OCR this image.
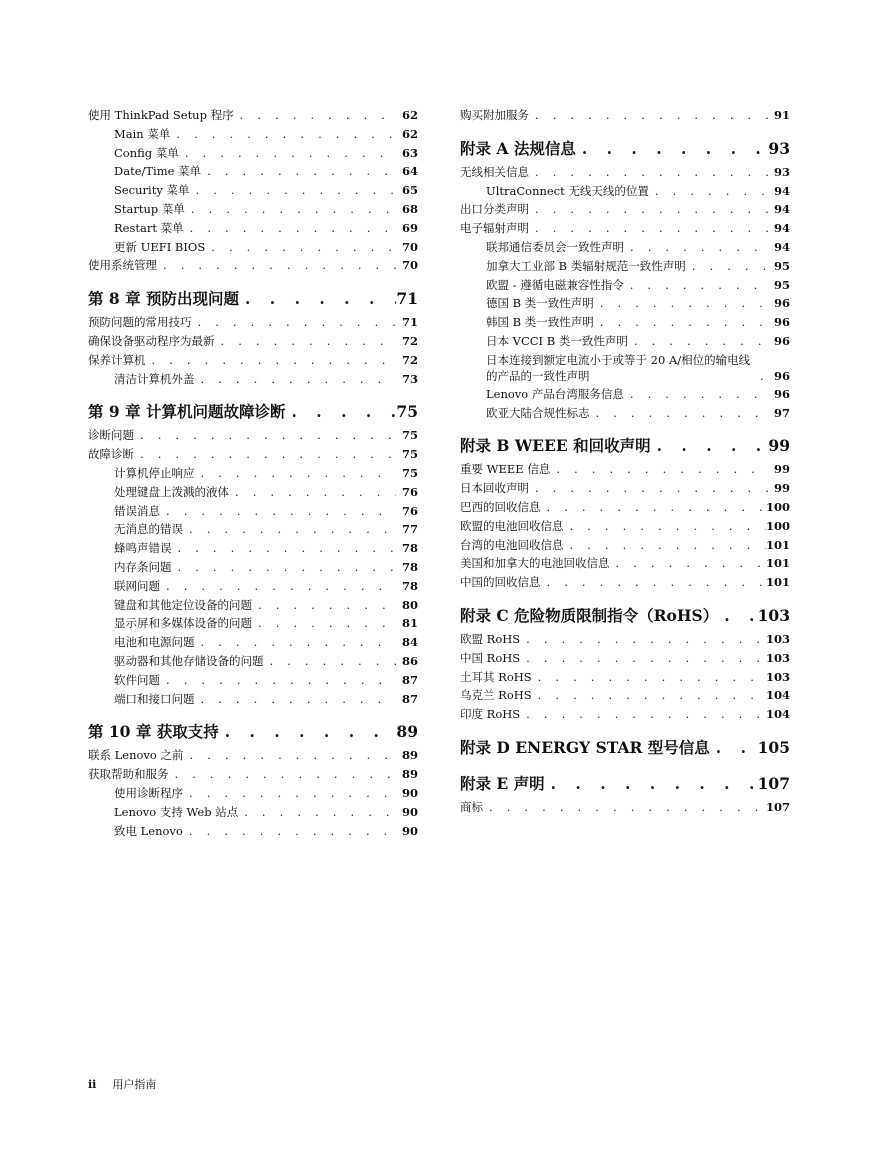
使用 ThinkPad Setup 程序 . . .	62
Main 菜单 . . .	62
Config 菜单 . . .	63
Date/Time 菜单 . . .	64
Security 菜单 . . .	65
Startup 菜单 . . .	68
Restart 菜单 . . .	69
更新 UEFI BIOS . . .	70
使用系统管理 . . .	70
第 8 章 预防出现问题 . . .	71
预防问题的常用技巧 . . .	71
确保设备驱动程序为最新 . . .	72
保养计算机 . . .	72
清洁计算机外盖 . . .	73
第 9 章 计算机问题故障诊断 . . .	75
诊断问题 . . .	75
故障诊断 . . .	75
计算机停止响应 . . .	75
处理键盘上泼溅的液体 . . .	76
错误消息 . . .	76
无消息的错误 . . .	77
蜂鸣声错误 . . .	78
内存条问题 . . .	78
联网问题 . . .	78
键盘和其他定位设备的问题 . . .	80
显示屏和多媒体设备的问题 . . .	81
电池和电源问题 . . .	84
驱动器和其他存储设备的问题 . . .	86
软件问题 . . .	87
端口和接口问题 . . .	87
第 10 章 获取支持 . . .	89
联系 Lenovo 之前 . . .	89
获取帮助和服务 . . .	89
使用诊断程序 . . .	90
Lenovo 支持 Web 站点 . . .	90
致电 Lenovo . . .	90
购买附加服务 . . .	91
附录 A 法规信息 . . .	93
无线相关信息 . . .	93
UltraConnect 无线天线的位置 . . .	94
出口分类声明 . . .	94
电子辐射声明 . . .	94
联邦通信委员会一致性声明 . . .	94
加拿大工业部 B 类辐射规范一致性声明 . . .	95
欧盟 - 遵循电磁兼容性指令 . . .	95
德国 B 类一致性声明 . . .	96
韩国 B 类一致性声明 . . .	96
日本 VCCI B 类一致性声明 . . .	96
日本连接到额定电流小于或等于 20 A/相位的输电线的产品的一致性声明 . . .	96
Lenovo 产品台湾服务信息 . . .	96
欧亚大陆合规性标志 . . .	97
附录 B WEEE 和回收声明 . . .	99
重要 WEEE 信息 . . .	99
日本回收声明 . . .	99
巴西的回收信息 . . .	100
欧盟的电池回收信息 . . .	100
台湾的电池回收信息 . . .	101
美国和加拿大的电池回收信息 . . .	101
中国的回收信息 . . .	101
附录 C 危险物质限制指令（RoHS） . . .	103
欧盟 RoHS . . .	103
中国 RoHS . . .	103
土耳其 RoHS . . .	103
乌克兰 RoHS . . .	104
印度 RoHS . . .	104
附录 D ENERGY STAR 型号信息 . . .	105
附录 E 声明 . . .	107
商标 . . .	107
ii 用户指南
